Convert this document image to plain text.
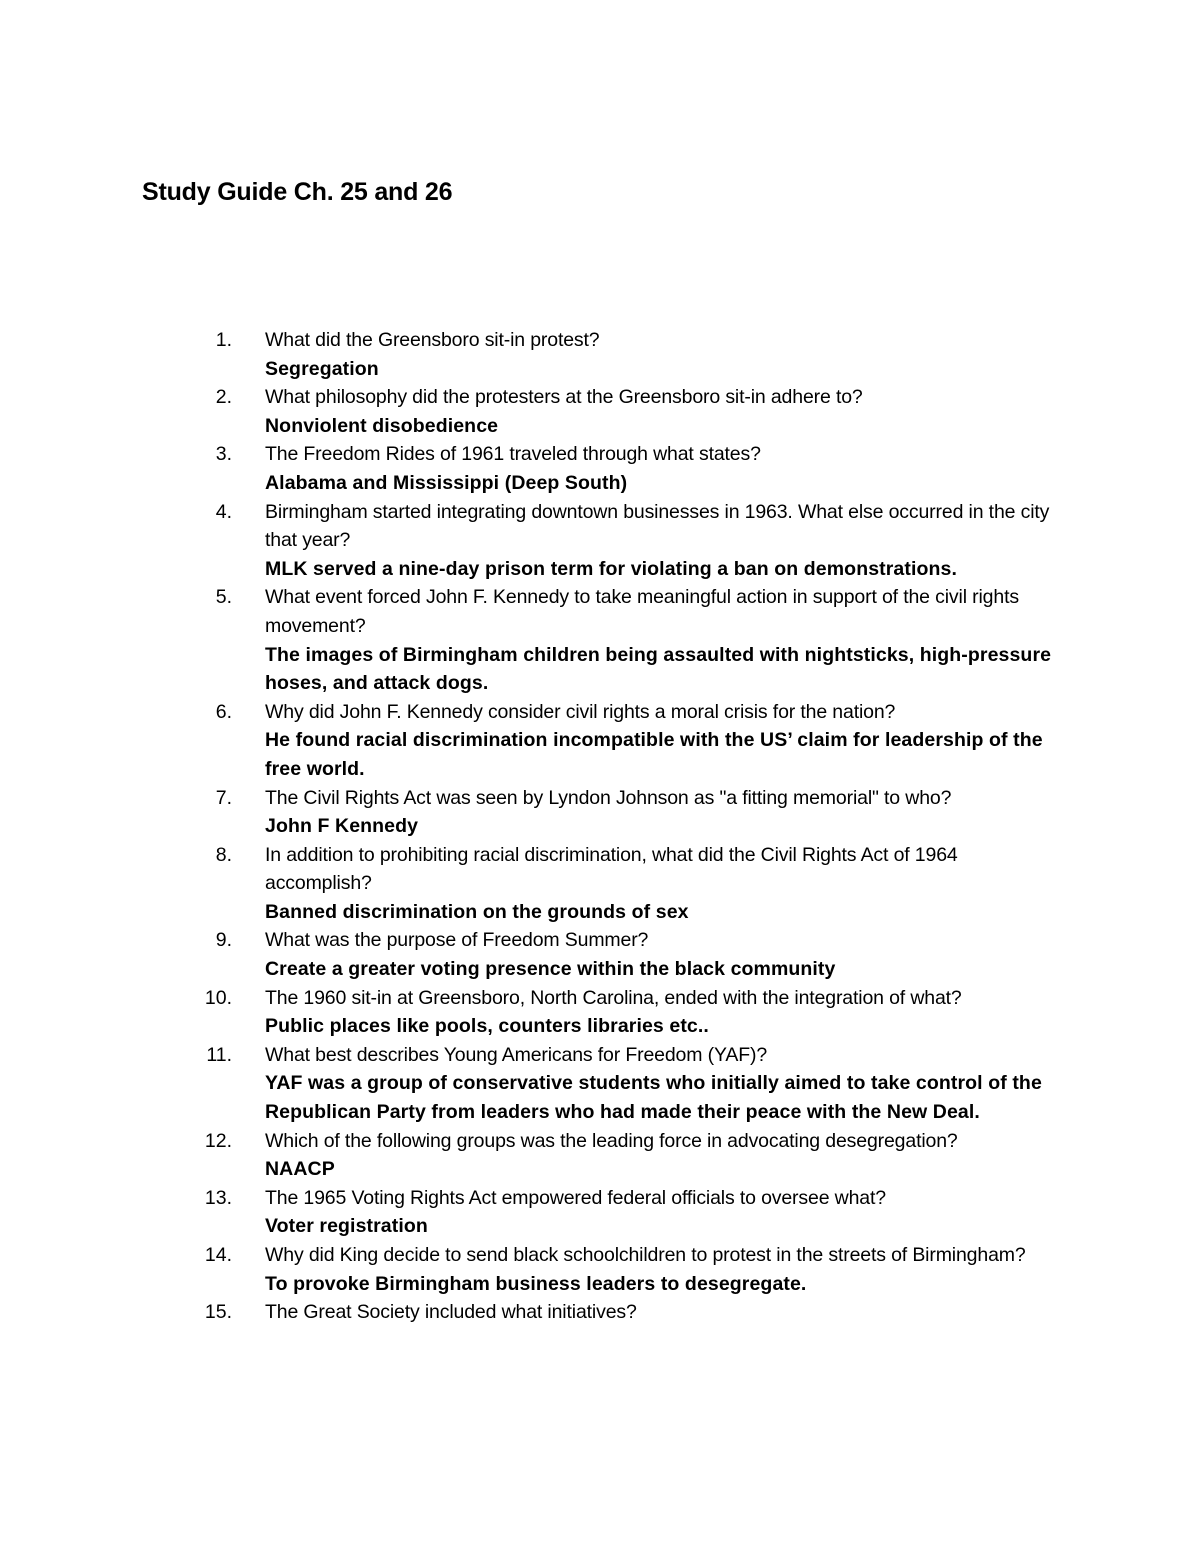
Study Guide Ch. 25 and 26
1. What did the Greensboro sit-in protest?
Segregation
2. What philosophy did the protesters at the Greensboro sit-in adhere to?
Nonviolent disobedience
3. The Freedom Rides of 1961 traveled through what states?
Alabama and Mississippi (Deep South)
4. Birmingham started integrating downtown businesses in 1963. What else occurred in the city that year?
MLK served a nine-day prison term for violating a ban on demonstrations.
5. What event forced John F. Kennedy to take meaningful action in support of the civil rights movement?
The images of Birmingham children being assaulted with nightsticks, high-pressure hoses, and attack dogs.
6. Why did John F. Kennedy consider civil rights a moral crisis for the nation?
He found racial discrimination incompatible with the US’ claim for leadership of the free world.
7. The Civil Rights Act was seen by Lyndon Johnson as "a fitting memorial" to who?
John F Kennedy
8. In addition to prohibiting racial discrimination, what did the Civil Rights Act of 1964 accomplish?
Banned discrimination on the grounds of sex
9. What was the purpose of Freedom Summer?
Create a greater voting presence within the black community
10. The 1960 sit-in at Greensboro, North Carolina, ended with the integration of what?
Public places like pools, counters libraries etc..
11. What best describes Young Americans for Freedom (YAF)?
YAF was a group of conservative students who initially aimed to take control of the Republican Party from leaders who had made their peace with the New Deal.
12. Which of the following groups was the leading force in advocating desegregation?
NAACP
13. The 1965 Voting Rights Act empowered federal officials to oversee what?
Voter registration
14. Why did King decide to send black schoolchildren to protest in the streets of Birmingham?
To provoke Birmingham business leaders to desegregate.
15. The Great Society included what initiatives?
